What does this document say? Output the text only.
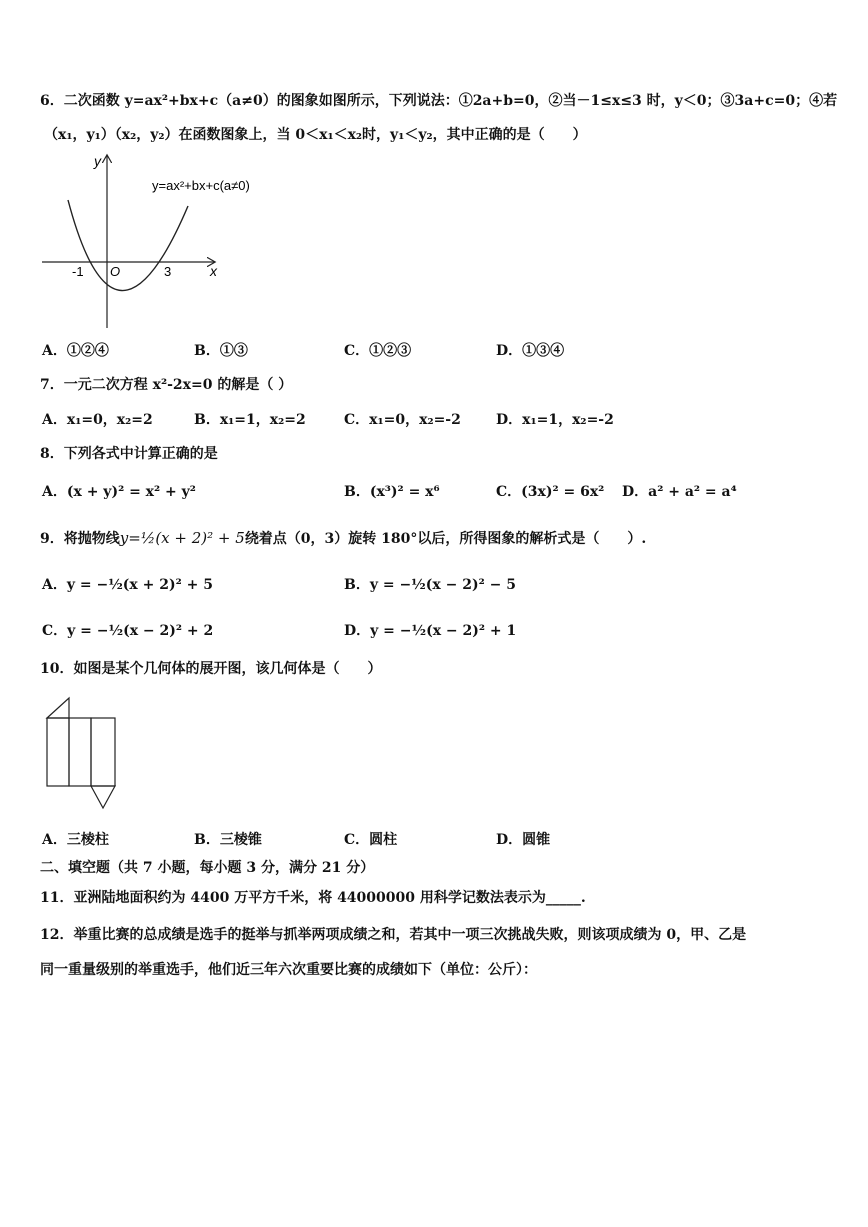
6．二次函数 y=ax²+bx+c（a≠0）的图象如图所示，下列说法：①2a+b=0，②当－1≤x≤3 时，y＜0；③3a+c=0；④若
（x₁，y₁）（x₂，y₂）在函数图象上，当 0＜x₁＜x₂时，y₁＜y₂，其中正确的是（　　）
y
x
O
-1	3
y=ax²+bx+c(a≠0)
A．①②④	B．①③	C．①②③	D．①③④
7．一元二次方程 x²-2x=0 的解是（ ）
A．x₁=0，x₂=2	B．x₁=1，x₂=2	C．x₁=0，x₂=-2	D．x₁=1，x₂=-2
8．下列各式中计算正确的是
A．(x + y)² = x² + y²	B．(x³)² = x⁶	C．(3x)² = 6x² D．a² + a² = a⁴
9．将抛物线y=½(x + 2)² + 5绕着点（0，3）旋转 180°以后，所得图象的解析式是（　　）.
A．y = −½(x + 2)² + 5	B．y = −½(x − 2)² − 5
C．y = −½(x − 2)² + 2	D．y = −½(x − 2)² + 1
10．如图是某个几何体的展开图，该几何体是（　　）
A．三棱柱	B．三棱锥	C．圆柱	D．圆锥
二、填空题（共 7 小题，每小题 3 分，满分 21 分）
11．亚洲陆地面积约为 4400 万平方千米，将 44000000 用科学记数法表示为_____.
12．举重比赛的总成绩是选手的挺举与抓举两项成绩之和，若其中一项三次挑战失败，则该项成绩为 0，甲、乙是
同一重量级别的举重选手，他们近三年六次重要比赛的成绩如下（单位：公斤）：
